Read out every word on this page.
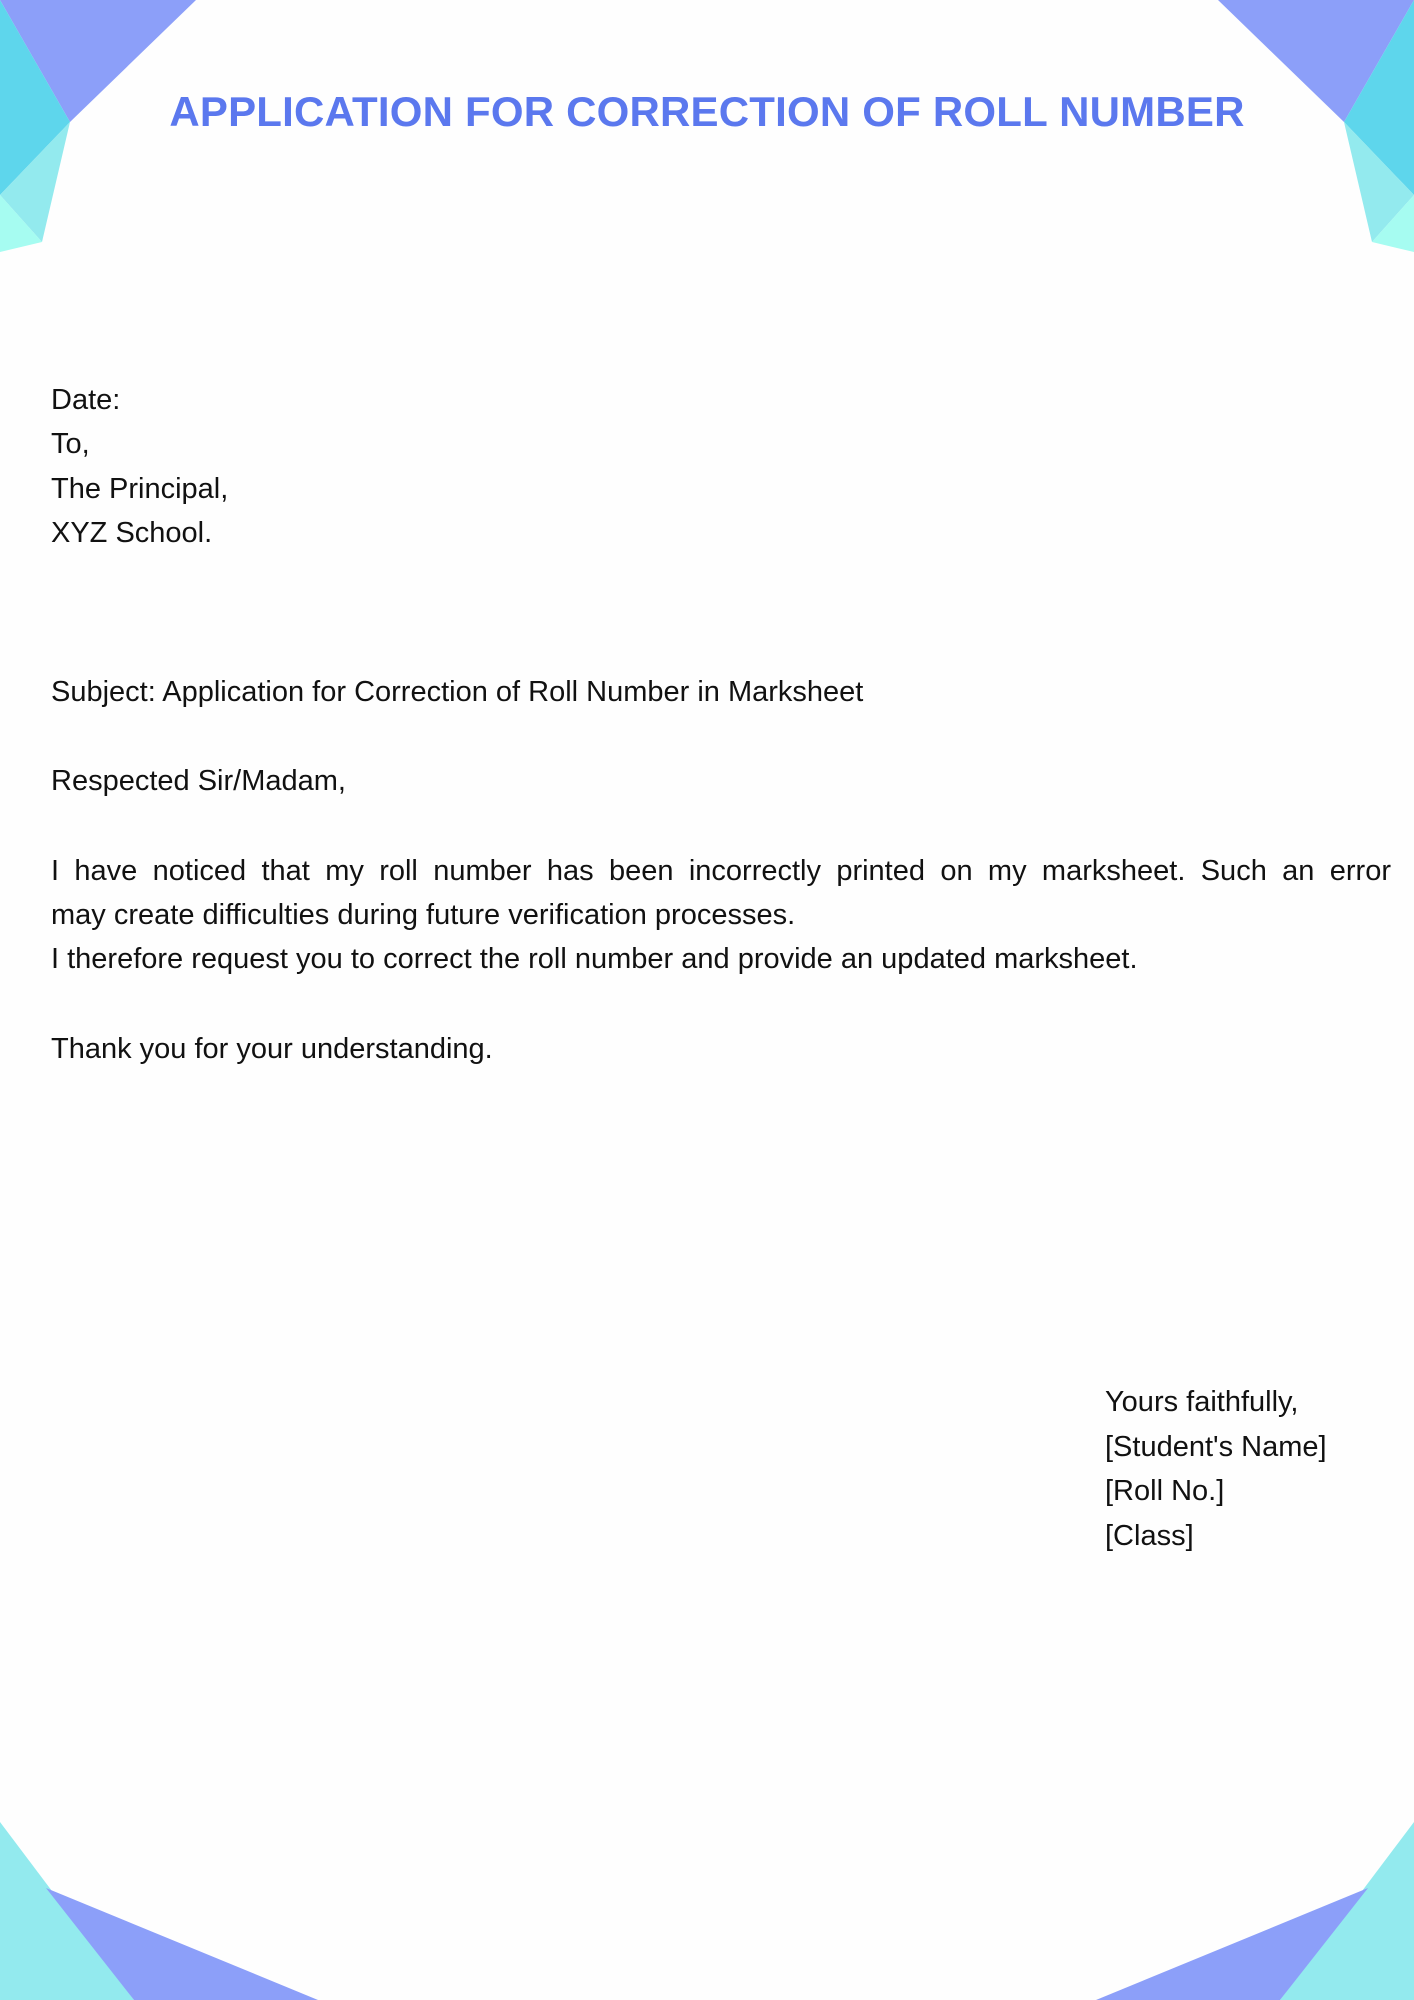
APPLICATION FOR CORRECTION OF ROLL NUMBER

Date:

To,

The Principal,

XYZ School.

Subject: Application for Correction of Roll Number in Marksheet

Respected Sir/Madam,

I have noticed that my roll number has been incorrectly printed on my marksheet. Such an error

may create difficulties during future verification processes.

I therefore request you to correct the roll number and provide an updated marksheet.

Thank you for your understanding.

Yours faithfully,

[Student's Name]

[Roll No.]

[Class]
